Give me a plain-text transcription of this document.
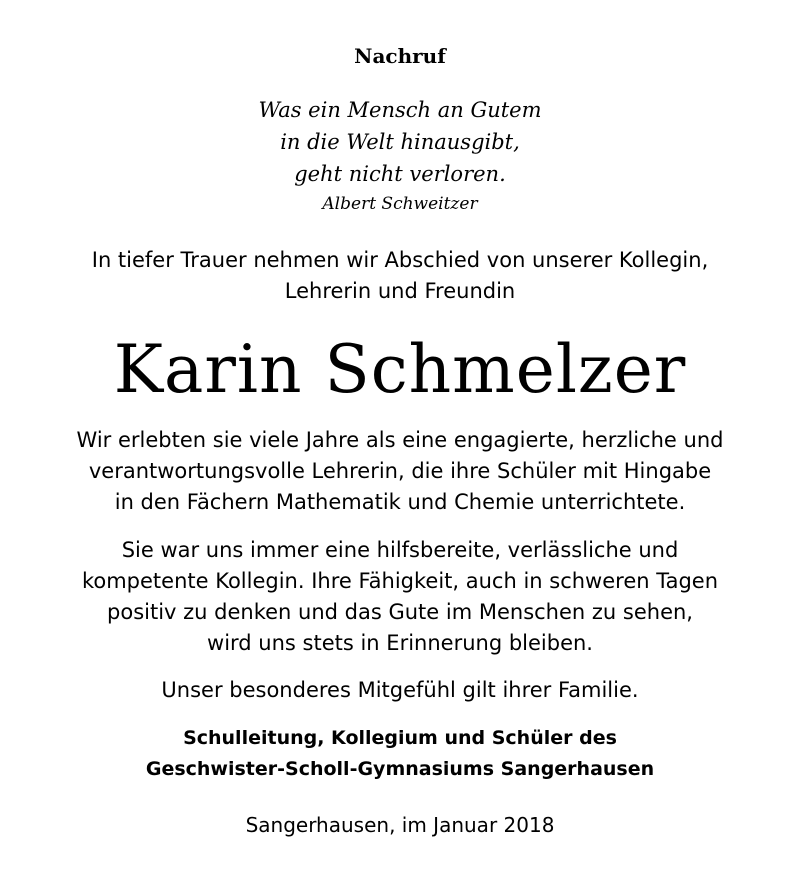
Nachruf
Was ein Mensch an Gutem
in die Welt hinausgibt,
geht nicht verloren.
Albert Schweitzer
In tiefer Trauer nehmen wir Abschied von unserer Kollegin,
Lehrerin und Freundin
Karin Schmelzer
Wir erlebten sie viele Jahre als eine engagierte, herzliche und
verantwortungsvolle Lehrerin, die ihre Schüler mit Hingabe
in den Fächern Mathematik und Chemie unterrichtete.
Sie war uns immer eine hilfsbereite, verlässliche und
kompetente Kollegin. Ihre Fähigkeit, auch in schweren Tagen
positiv zu denken und das Gute im Menschen zu sehen,
wird uns stets in Erinnerung bleiben.
Unser besonderes Mitgefühl gilt ihrer Familie.
Schulleitung, Kollegium und Schüler des
Geschwister-Scholl-Gymnasiums Sangerhausen
Sangerhausen, im Januar 2018
